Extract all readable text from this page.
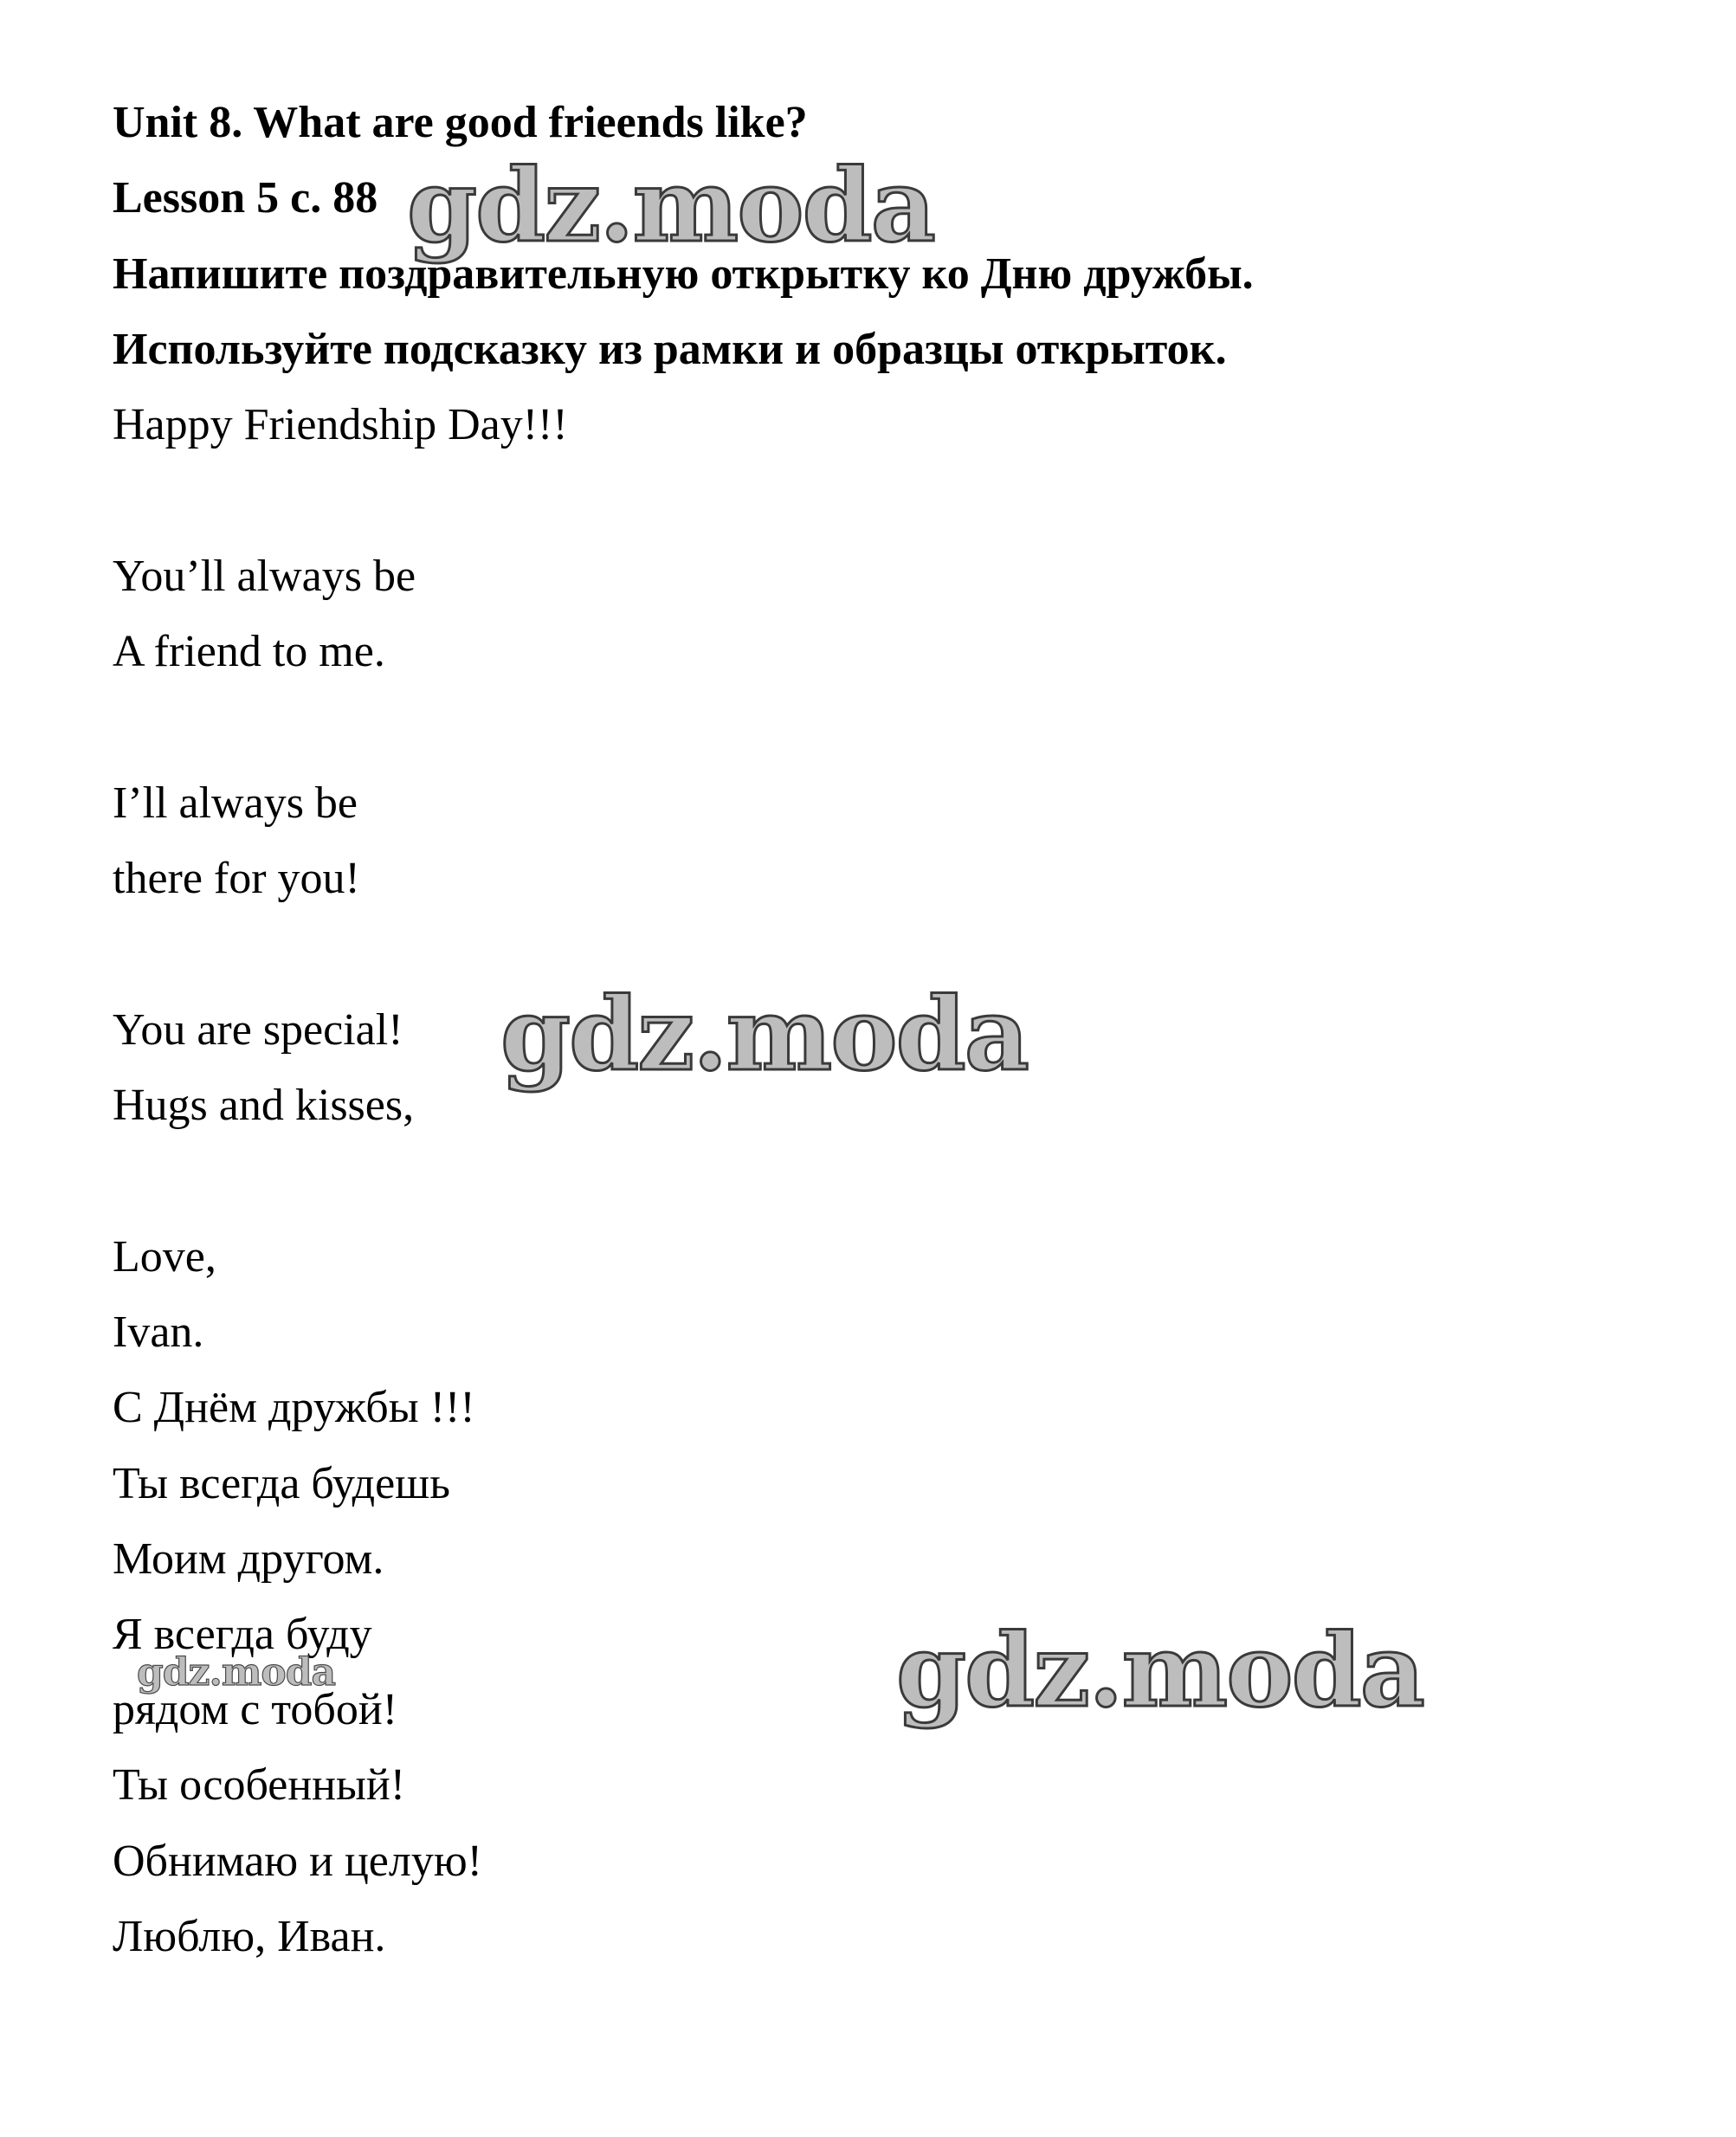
Unit 8. What are good frieends like?
Lesson 5 с. 88
Напишите поздравительную открытку ко Дню дружбы.
Используйте подсказку из рамки и образцы открыток.
Happy Friendship Day!!!
You’ll always be
A friend to me.
I’ll always be
there for you!
You are special!
Hugs and kisses,
Love,
Ivan.
С Днём дружбы !!!
Ты всегда будешь
Моим другом.
Я всегда буду
рядом с тобой!
Ты особенный!
Обнимаю и целую!
Люблю, Иван.
gdz.moda
gdz.moda
gdz.moda
gdz.moda
